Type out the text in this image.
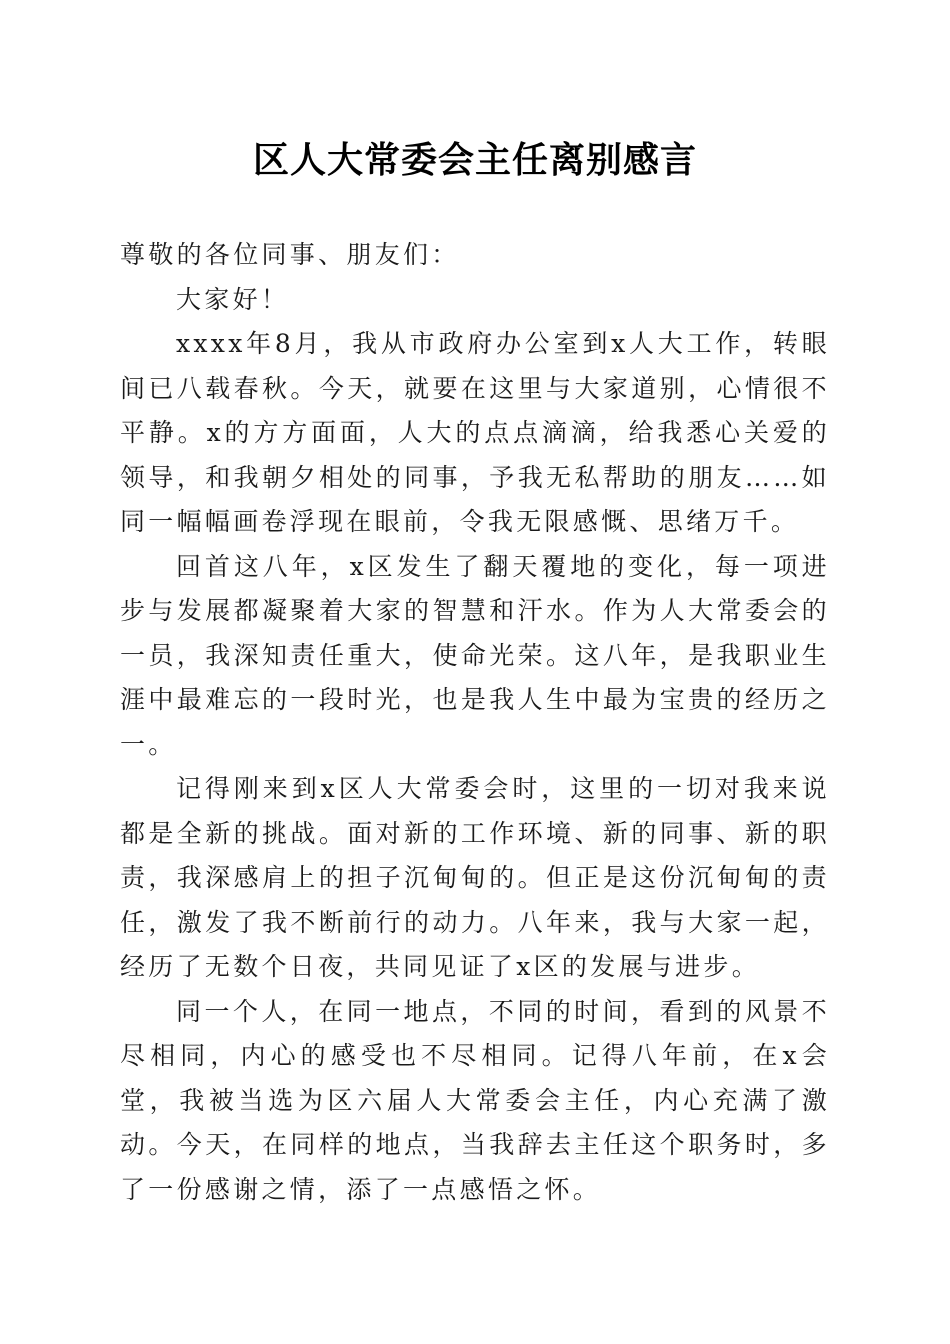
区人大常委会主任离别感言

尊敬的各位同事、朋友们：

大家好！

xxxx年8月，我从市政府办公室到x人大工作，转眼间已八载春秋。今天，就要在这里与大家道别，心情很不平静。x的方方面面，人大的点点滴滴，给我悉心关爱的领导，和我朝夕相处的同事，予我无私帮助的朋友……如同一幅幅画卷浮现在眼前，令我无限感慨、思绪万千。

回首这八年，x区发生了翻天覆地的变化，每一项进步与发展都凝聚着大家的智慧和汗水。作为人大常委会的一员，我深知责任重大，使命光荣。这八年，是我职业生涯中最难忘的一段时光，也是我人生中最为宝贵的经历之一。

记得刚来到x区人大常委会时，这里的一切对我来说都是全新的挑战。面对新的工作环境、新的同事、新的职责，我深感肩上的担子沉甸甸的。但正是这份沉甸甸的责任，激发了我不断前行的动力。八年来，我与大家一起，经历了无数个日夜，共同见证了x区的发展与进步。

同一个人，在同一地点，不同的时间，看到的风景不尽相同，内心的感受也不尽相同。记得八年前，在x会堂，我被当选为区六届人大常委会主任，内心充满了激动。今天，在同样的地点，当我辞去主任这个职务时，多了一份感谢之情，添了一点感悟之怀。
